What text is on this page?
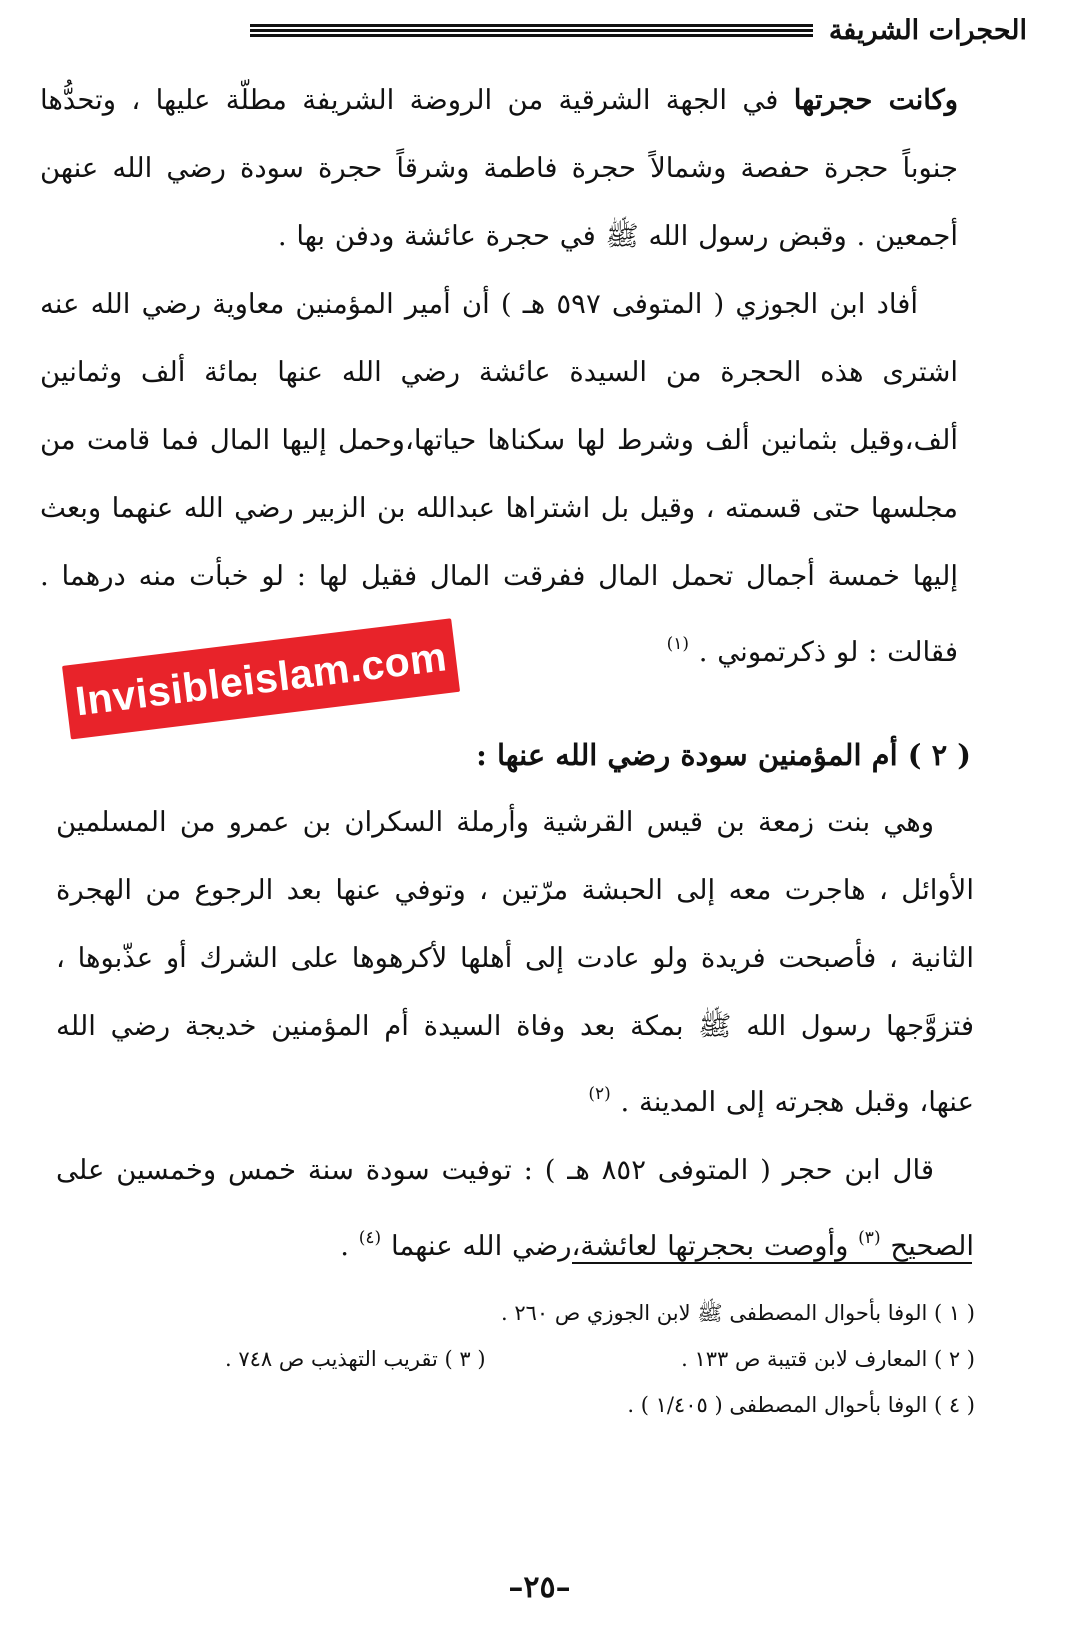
الحجرات الشريفة

وكانت حجرتها في الجهة الشرقية من الروضة الشريفة مطلّة عليها ، وتحدُّها جنوباً حجرة حفصة وشمالاً حجرة فاطمة وشرقاً حجرة سودة رضي الله عنهن أجمعين . وقبض رسول الله ﷺ في حجرة عائشة ودفن بها .

أفاد ابن الجوزي ( المتوفى ٥٩٧ هـ ) أن أمير المؤمنين معاوية رضي الله عنه اشترى هذه الحجرة من السيدة عائشة رضي الله عنها بمائة ألف وثمانين ألف،وقيل بثمانين ألف وشرط لها سكناها حياتها،وحمل إليها المال فما قامت من مجلسها حتى قسمته ، وقيل بل اشتراها عبدالله بن الزبير رضي الله عنهما وبعث إليها خمسة أجمال تحمل المال ففرقت المال فقيل لها : لو خبأت منه درهما . فقالت : لو ذكرتموني . $^{(١)}$

Invisibleislam.com
( ٢ ) أم المؤمنين سودة رضي الله عنها :

وهي بنت زمعة بن قيس القرشية وأرملة السكران بن عمرو من المسلمين الأوائل ، هاجرت معه إلى الحبشة مرّتين ، وتوفي عنها بعد الرجوع من الهجرة الثانية ، فأصبحت فريدة ولو عادت إلى أهلها لأكرهوها على الشرك أو عذّبوها ، فتزوَّجها رسول الله ﷺ بمكة بعد وفاة السيدة أم المؤمنين خديجة رضي الله عنها، وقبل هجرته إلى المدينة . $^{(٢)}$

قال ابن حجر ( المتوفى ٨٥٢ هـ ) : توفيت سودة سنة خمس وخمسين على الصحيح $^{(٣)}$ وأوصت بحجرتها لعائشة،رضي الله عنهما $^{(٤)}$ .

( ١ ) الوفا بأحوال المصطفى ﷺ لابن الجوزي ص ٢٦٠ .
( ٢ ) المعارف لابن قتيبة ص ١٣٣ .
( ٣ ) تقريب التهذيب ص ٧٤٨ .
( ٤ ) الوفا بأحوال المصطفى ( ١/٤٠٥ ) .
–٢٥–
